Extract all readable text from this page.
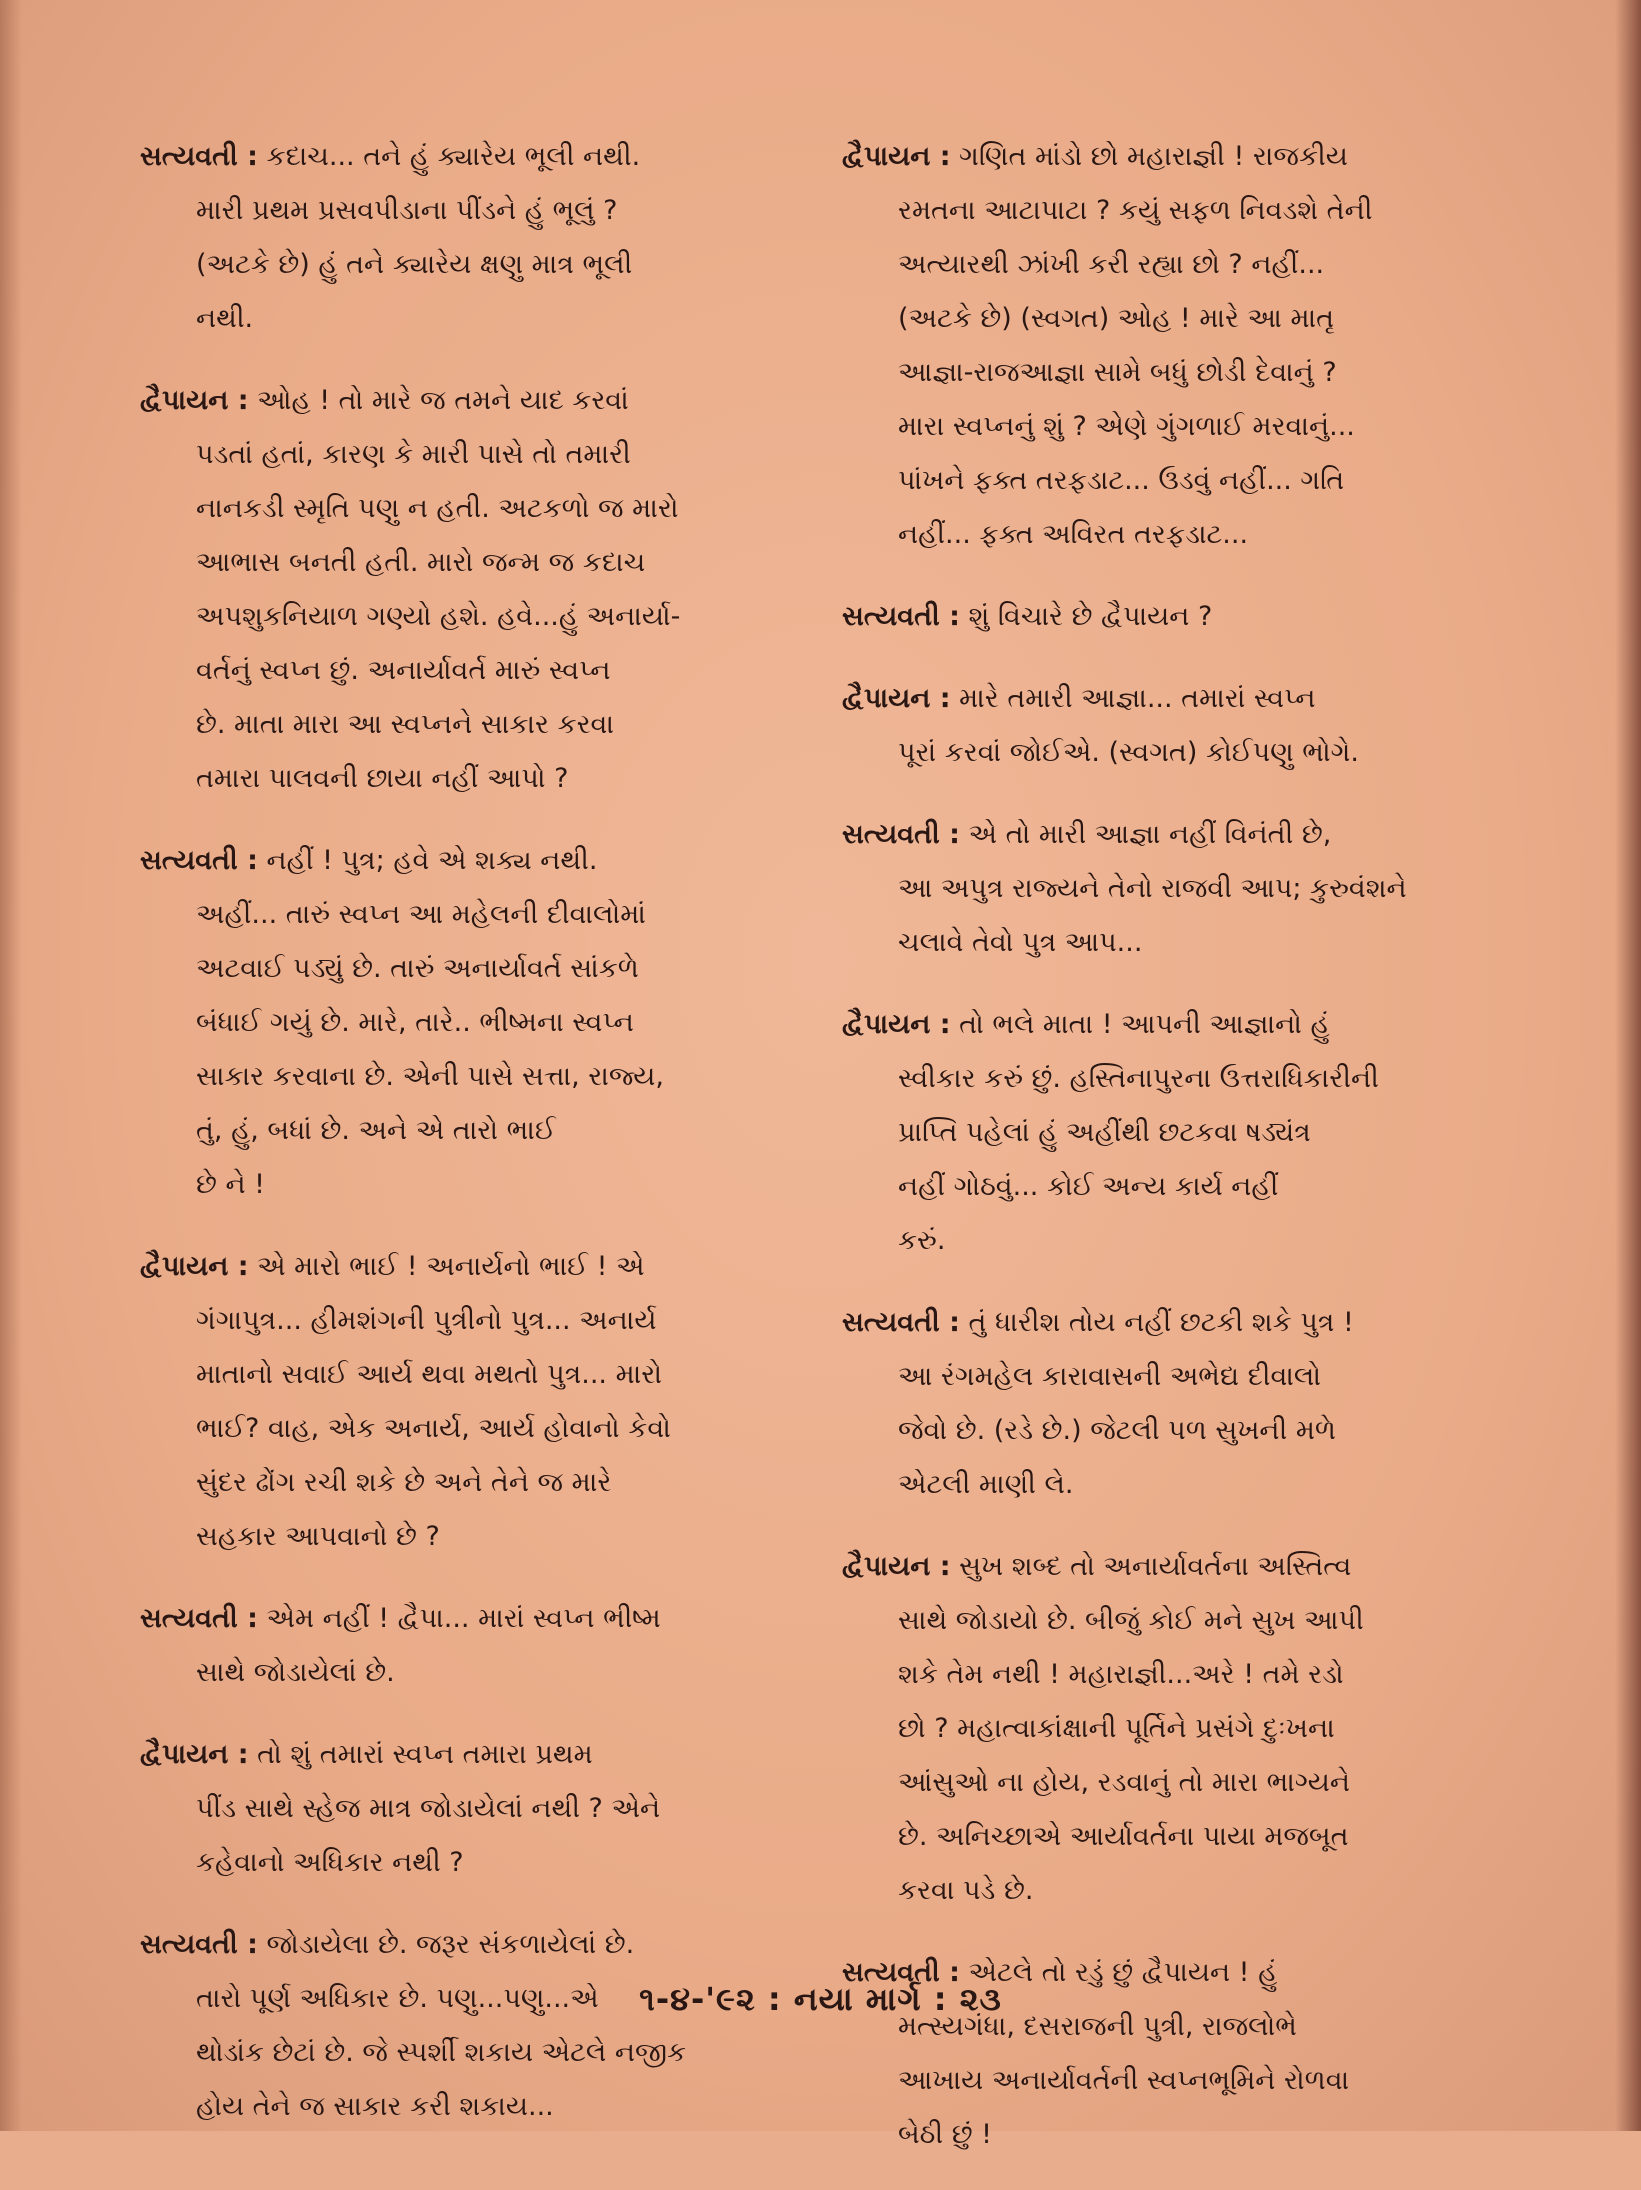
સત્યવતી : કદાચ... તને હું ક્યારેય ભૂલી નથી.
મારી પ્રથમ પ્રસવપીડાના પીંડને હું ભૂલું ?
(અટકે છે) હું તને ક્યારેય ક્ષણુ માત્ર ભૂલી
નથી.
દ્વૈપાયન : ઓહ ! તો મારે જ તમને યાદ કરવાં
પડતાં હતાં, કારણ કે મારી પાસે તો તમારી
નાનકડી સ્મૃતિ પણુ ન હતી. અટકળો જ મારો
આભાસ બનતી હતી. મારો જન્મ જ કદાચ
અપશુકનિયાળ ગણ્યો હશે. હવે...હું અનાર્યા-
વર્તનું સ્વપ્ન છું. અનાર્યાવર્ત મારું સ્વપ્ન
છે. માતા મારા આ સ્વપ્નને સાકાર કરવા
તમારા પાલવની છાયા નહીં આપો ?
સત્યવતી : નહીં ! પુત્ર; હવે એ શક્ય નથી.
અહીં... તારું સ્વપ્ન આ મહેલની દીવાલોમાં
અટવાઈ પડ્યું છે. તારું અનાર્યાવર્ત સાંકળે
બંધાઈ ગયું છે. મારે, તારે.. ભીષ્મના સ્વપ્ન
સાકાર કરવાના છે. એની પાસે સત્તા, રાજ્ય,
તું, હું, બધાં છે. અને એ તારો ભાઈ
છે ને !
દ્વૈપાયન : એ મારો ભાઈ ! અનાર્યનો ભાઈ ! એ
ગંગાપુત્ર... હીમશંગની પુત્રીનો પુત્ર... અનાર્ય
માતાનો સવાઈ આર્ય થવા મથતો પુત્ર... મારો
ભાઈ? વાહ, એક અનાર્ય, આર્ય હોવાનો કેવો
સુંદર ઢોંગ રચી શકે છે અને તેને જ મારે
સહકાર આપવાનો છે ?
સત્યવતી : એમ નહીં ! દ્વૈપા... મારાં સ્વપ્ન ભીષ્મ
સાથે જોડાયેલાં છે.
દ્વૈપાયન : તો શું તમારાં સ્વપ્ન તમારા પ્રથમ
પીંડ સાથે સ્હેજ માત્ર જોડાયેલાં નથી ? એને
કહેવાનો અધિકાર નથી ?
સત્યવતી : જોડાયેલા છે. જરૂર સંકળાયેલાં છે.
તારો પૂર્ણ અધિકાર છે. પણુ...પણુ...એ
થોડાંક છેટાં છે. જે સ્પર્શી શકાય એટલે નજીક
હોય તેને જ સાકાર કરી શકાય...
દ્વૈપાયન : ગણિત માંડો છો મહારાજ્ઞી ! રાજકીય
રમતના આટાપાટા ? કયું સફળ નિવડશે તેની
અત્યારથી ઝાંખી કરી રહ્યા છો ? નહીં...
(અટકે છે) (સ્વગત) ઓહ ! મારે આ માતૃ
આજ્ઞા-રાજઆજ્ઞા સામે બધું છોડી દેવાનું ?
મારા સ્વપ્નનું શું ? એણે ગુંગળાઈ મરવાનું...
પાંખને ફક્ત તરફડાટ... ઉડવું નહીં... ગતિ
નહીં... ફક્ત અવિરત તરફડાટ...
સત્યવતી : શું વિચારે છે દ્વૈપાયન ?
દ્વૈપાયન : મારે તમારી આજ્ઞા... તમારાં સ્વપ્ન
પૂરાં કરવાં જોઈએ. (સ્વગત) કોઈપણુ ભોગે.
સત્યવતી : એ તો મારી આજ્ઞા નહીં વિનંતી છે,
આ અપુત્ર રાજ્યને તેનો રાજવી આપ; કુરુવંશને
ચલાવે તેવો પુત્ર આપ...
દ્વૈપાયન : તો ભલે માતા ! આપની આજ્ઞાનો હું
સ્વીકાર કરું છું. હસ્તિનાપુરના ઉત્તરાધિકારીની
પ્રાપ્તિ પહેલાં હું અહીંથી છટકવા ષડ્યંત્ર
નહીં ગોઠવું... કોઈ અન્ય કાર્ય નહીં
કરું.
સત્યવતી : તું ધારીશ તોય નહીં છટકી શકે પુત્ર !
આ રંગમહેલ કારાવાસની અભેદ્ય દીવાલો
જેવો છે. (રડે છે.) જેટલી પળ સુખની મળે
એટલી માણી લે.
દ્વૈપાયન : સુખ શબ્દ તો અનાર્યાવર્તના અસ્તિત્વ
સાથે જોડાયો છે. બીજું કોઈ મને સુખ આપી
શકે તેમ નથી ! મહારાજ્ઞી...અરે ! તમે રડો
છો ? મહાત્વાકાંક્ષાની પૂર્તિને પ્રસંગે દુઃખના
આંસુઓ ના હોય, રડવાનું તો મારા ભાગ્યને
છે. અનિચ્છાએ આર્યાવર્તના પાયા મજબૂત
કરવા પડે છે.
સત્યવતી : એટલે તો રડું છું દ્વૈપાયન ! હું
મત્સ્યગંધા, દસરાજની પુત્રી, રાજલોભે
આખાય અનાર્યાવર્તની સ્વપ્નભૂમિને રોળવા
બેઠી છું !
૧-૪-'૯૨ : નયા માર્ગ : ૨૩
